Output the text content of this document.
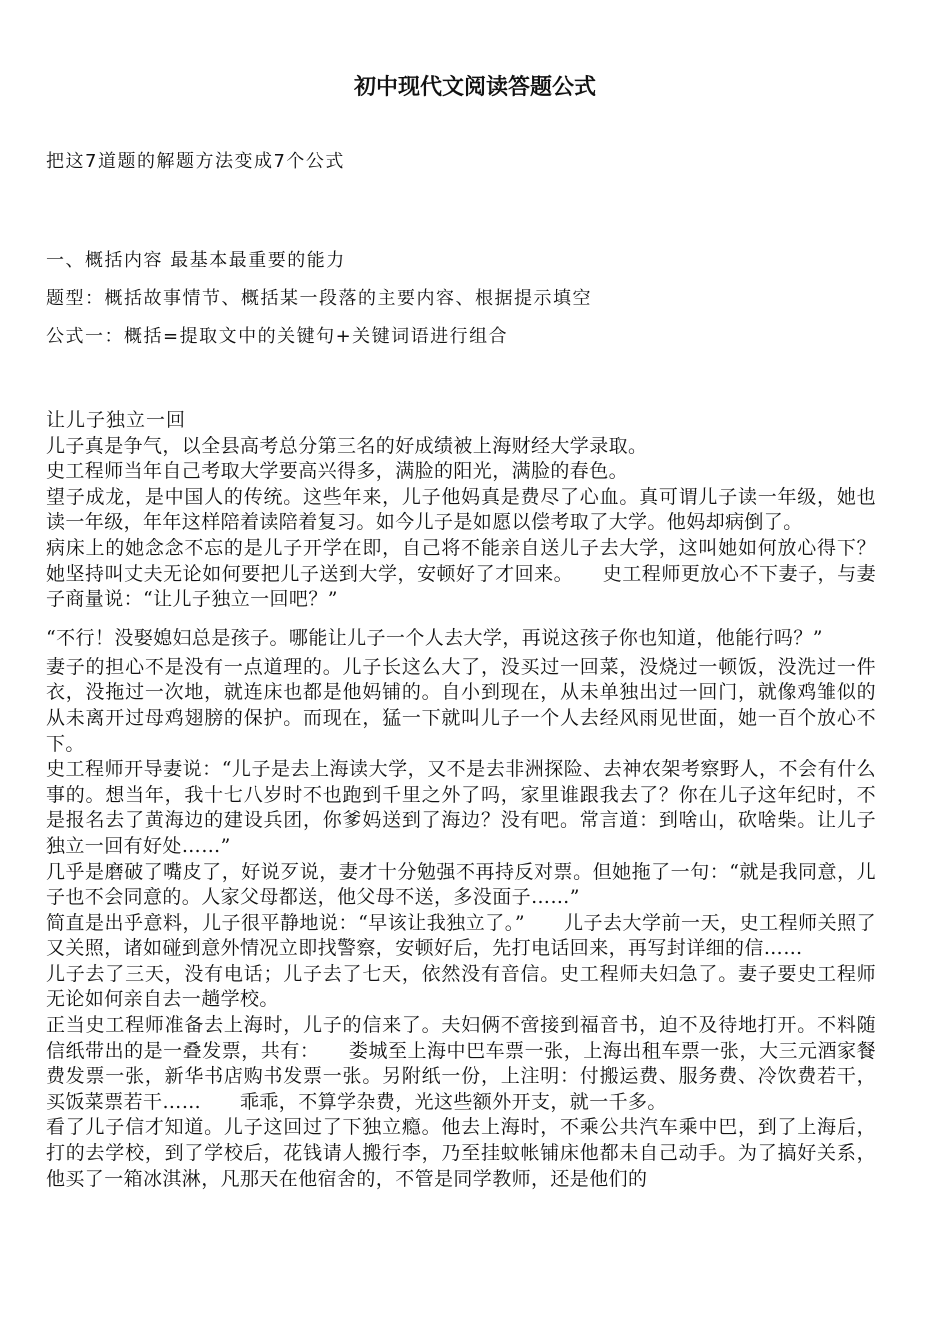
初中现代文阅读答题公式

把这7道题的解题方法变成7个公式

一、概括内容 最基本最重要的能力

题型：概括故事情节、概括某一段落的主要内容、根据提示填空

公式一：概括=提取文中的关键句+关键词语进行组合

让儿子独立一回

儿子真是争气，以全县高考总分第三名的好成绩被上海财经大学录取。

史工程师当年自己考取大学要高兴得多，满脸的阳光，满脸的春色。

望子成龙，是中国人的传统。这些年来，儿子他妈真是费尽了心血。真可谓儿子读一年级，她也读一年级，年年这样陪着读陪着复习。如今儿子是如愿以偿考取了大学。他妈却病倒了。

病床上的她念念不忘的是儿子开学在即，自己将不能亲自送儿子去大学，这叫她如何放心得下？她坚持叫丈夫无论如何要把儿子送到大学，安顿好了才回来。　　史工程师更放心不下妻子，与妻子商量说：“让儿子独立一回吧？”

“不行！没娶媳妇总是孩子。哪能让儿子一个人去大学，再说这孩子你也知道，他能行吗？”

妻子的担心不是没有一点道理的。儿子长这么大了，没买过一回菜，没烧过一顿饭，没洗过一件衣，没拖过一次地，就连床也都是他妈铺的。自小到现在，从未单独出过一回门，就像鸡雏似的从未离开过母鸡翅膀的保护。而现在，猛一下就叫儿子一个人去经风雨见世面，她一百个放心不下。

史工程师开导妻说：“儿子是去上海读大学，又不是去非洲探险、去神农架考察野人，不会有什么事的。想当年，我十七八岁时不也跑到千里之外了吗，家里谁跟我去了？你在儿子这年纪时，不是报名去了黄海边的建设兵团，你爹妈送到了海边？没有吧。常言道：到啥山，砍啥柴。让儿子独立一回有好处……”

几乎是磨破了嘴皮了，好说歹说，妻才十分勉强不再持反对票。但她拖了一句：“就是我同意，儿子也不会同意的。人家父母都送，他父母不送，多没面子……”

简直是出乎意料，儿子很平静地说：“早该让我独立了。”　　儿子去大学前一天，史工程师关照了又关照，诸如碰到意外情况立即找警察，安顿好后，先打电话回来，再写封详细的信……

儿子去了三天，没有电话；儿子去了七天，依然没有音信。史工程师夫妇急了。妻子要史工程师无论如何亲自去一趟学校。

正当史工程师准备去上海时，儿子的信来了。夫妇俩不啻接到福音书，迫不及待地打开。不料随信纸带出的是一叠发票，共有：　　娄城至上海中巴车票一张，上海出租车票一张，大三元酒家餐费发票一张，新华书店购书发票一张。另附纸一份，上注明：付搬运费、服务费、冷饮费若干，买饭菜票若干……　　乖乖，不算学杂费，光这些额外开支，就一千多。

看了儿子信才知道。儿子这回过了下独立瘾。他去上海时，不乘公共汽车乘中巴，到了上海后，打的去学校，到了学校后，花钱请人搬行李，乃至挂蚊帐铺床他都未自己动手。为了搞好关系，他买了一箱冰淇淋，凡那天在他宿舍的，不管是同学教师，还是他们的
